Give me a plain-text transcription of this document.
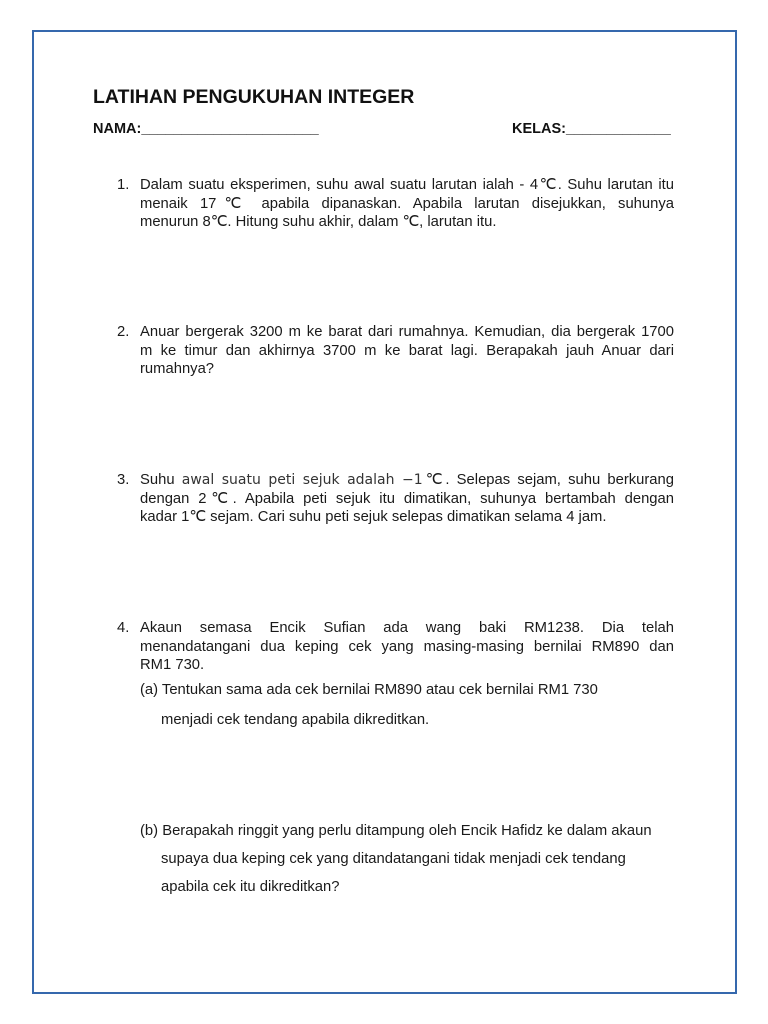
LATIHAN PENGUKUHAN INTEGER
NAMA:______________________	KELAS:_____________
1. Dalam suatu eksperimen, suhu awal suatu larutan ialah - 4℃. Suhu larutan itu
menaik 17℃ apabila dipanaskan. Apabila larutan disejukkan, suhunya
menurun 8℃. Hitung suhu akhir, dalam ℃, larutan itu.
2. Anuar bergerak 3200 m ke barat dari rumahnya. Kemudian, dia bergerak 1700
m ke timur dan akhirnya 3700 m ke barat lagi. Berapakah jauh Anuar dari
rumahnya?
3. Suhu awal suatu peti sejuk adalah −1℃. Selepas sejam, suhu berkurang
dengan 2℃. Apabila peti sejuk itu dimatikan, suhunya bertambah dengan
kadar 1℃ sejam. Cari suhu peti sejuk selepas dimatikan selama 4 jam.
4. Akaun semasa Encik Sufian ada wang baki RM1238. Dia telah
menandatangani dua keping cek yang masing-masing bernilai RM890 dan
RM1 730.
(a) Tentukan sama ada cek bernilai RM890 atau cek bernilai RM1 730
menjadi cek tendang apabila dikreditkan.
(b) Berapakah ringgit yang perlu ditampung oleh Encik Hafidz ke dalam akaun
supaya dua keping cek yang ditandatangani tidak menjadi cek tendang
apabila cek itu dikreditkan?
